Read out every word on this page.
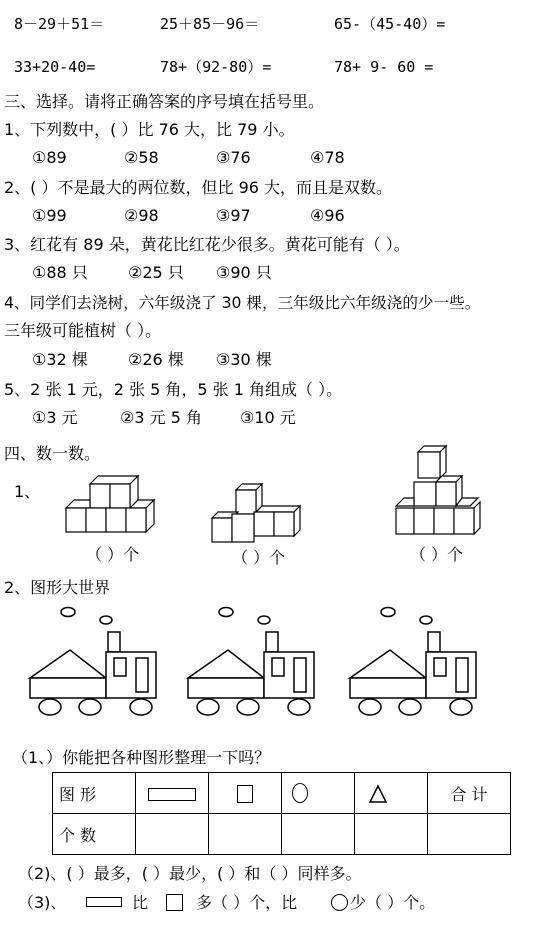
8－29＋51＝	25＋85－96＝	65-（45-40）=
33+20-40=	78+（92-80）=	78+ 9- 60 =
三、选择。请将正确答案的序号填在括号里。
1、下列数中，( ）比 76 大，比 79 小。
①89	②58	③76	④78
2、( ）不是最大的两位数，但比 96 大，而且是双数。
①99	②98	③97	④96
3、红花有 89 朵，黄花比红花少很多。黄花可能有（ ）。
①88 只	②25 只 ③90 只
4、同学们去浇树，六年级浇了 30 棵，三年级比六年级浇的少一些。
三年级可能植树（ ）。
①32 棵	②26 棵 ③30 棵
5、2 张 1 元，2 张 5 角，5 张 1 角组成（ ）。
①3 元	②3 元 5 角 ③10 元
四、数一数。
1、
（ ）个	（ ）个	（ ）个
2、图形大世界
（1、）你能把各种图形整理一下吗？
图 形					合 计
个 数					
（2)、( ）最多，( ）最少，( ）和（ ）同样多。
（3)、	比	多（ ）个，比	少（ ）个。
